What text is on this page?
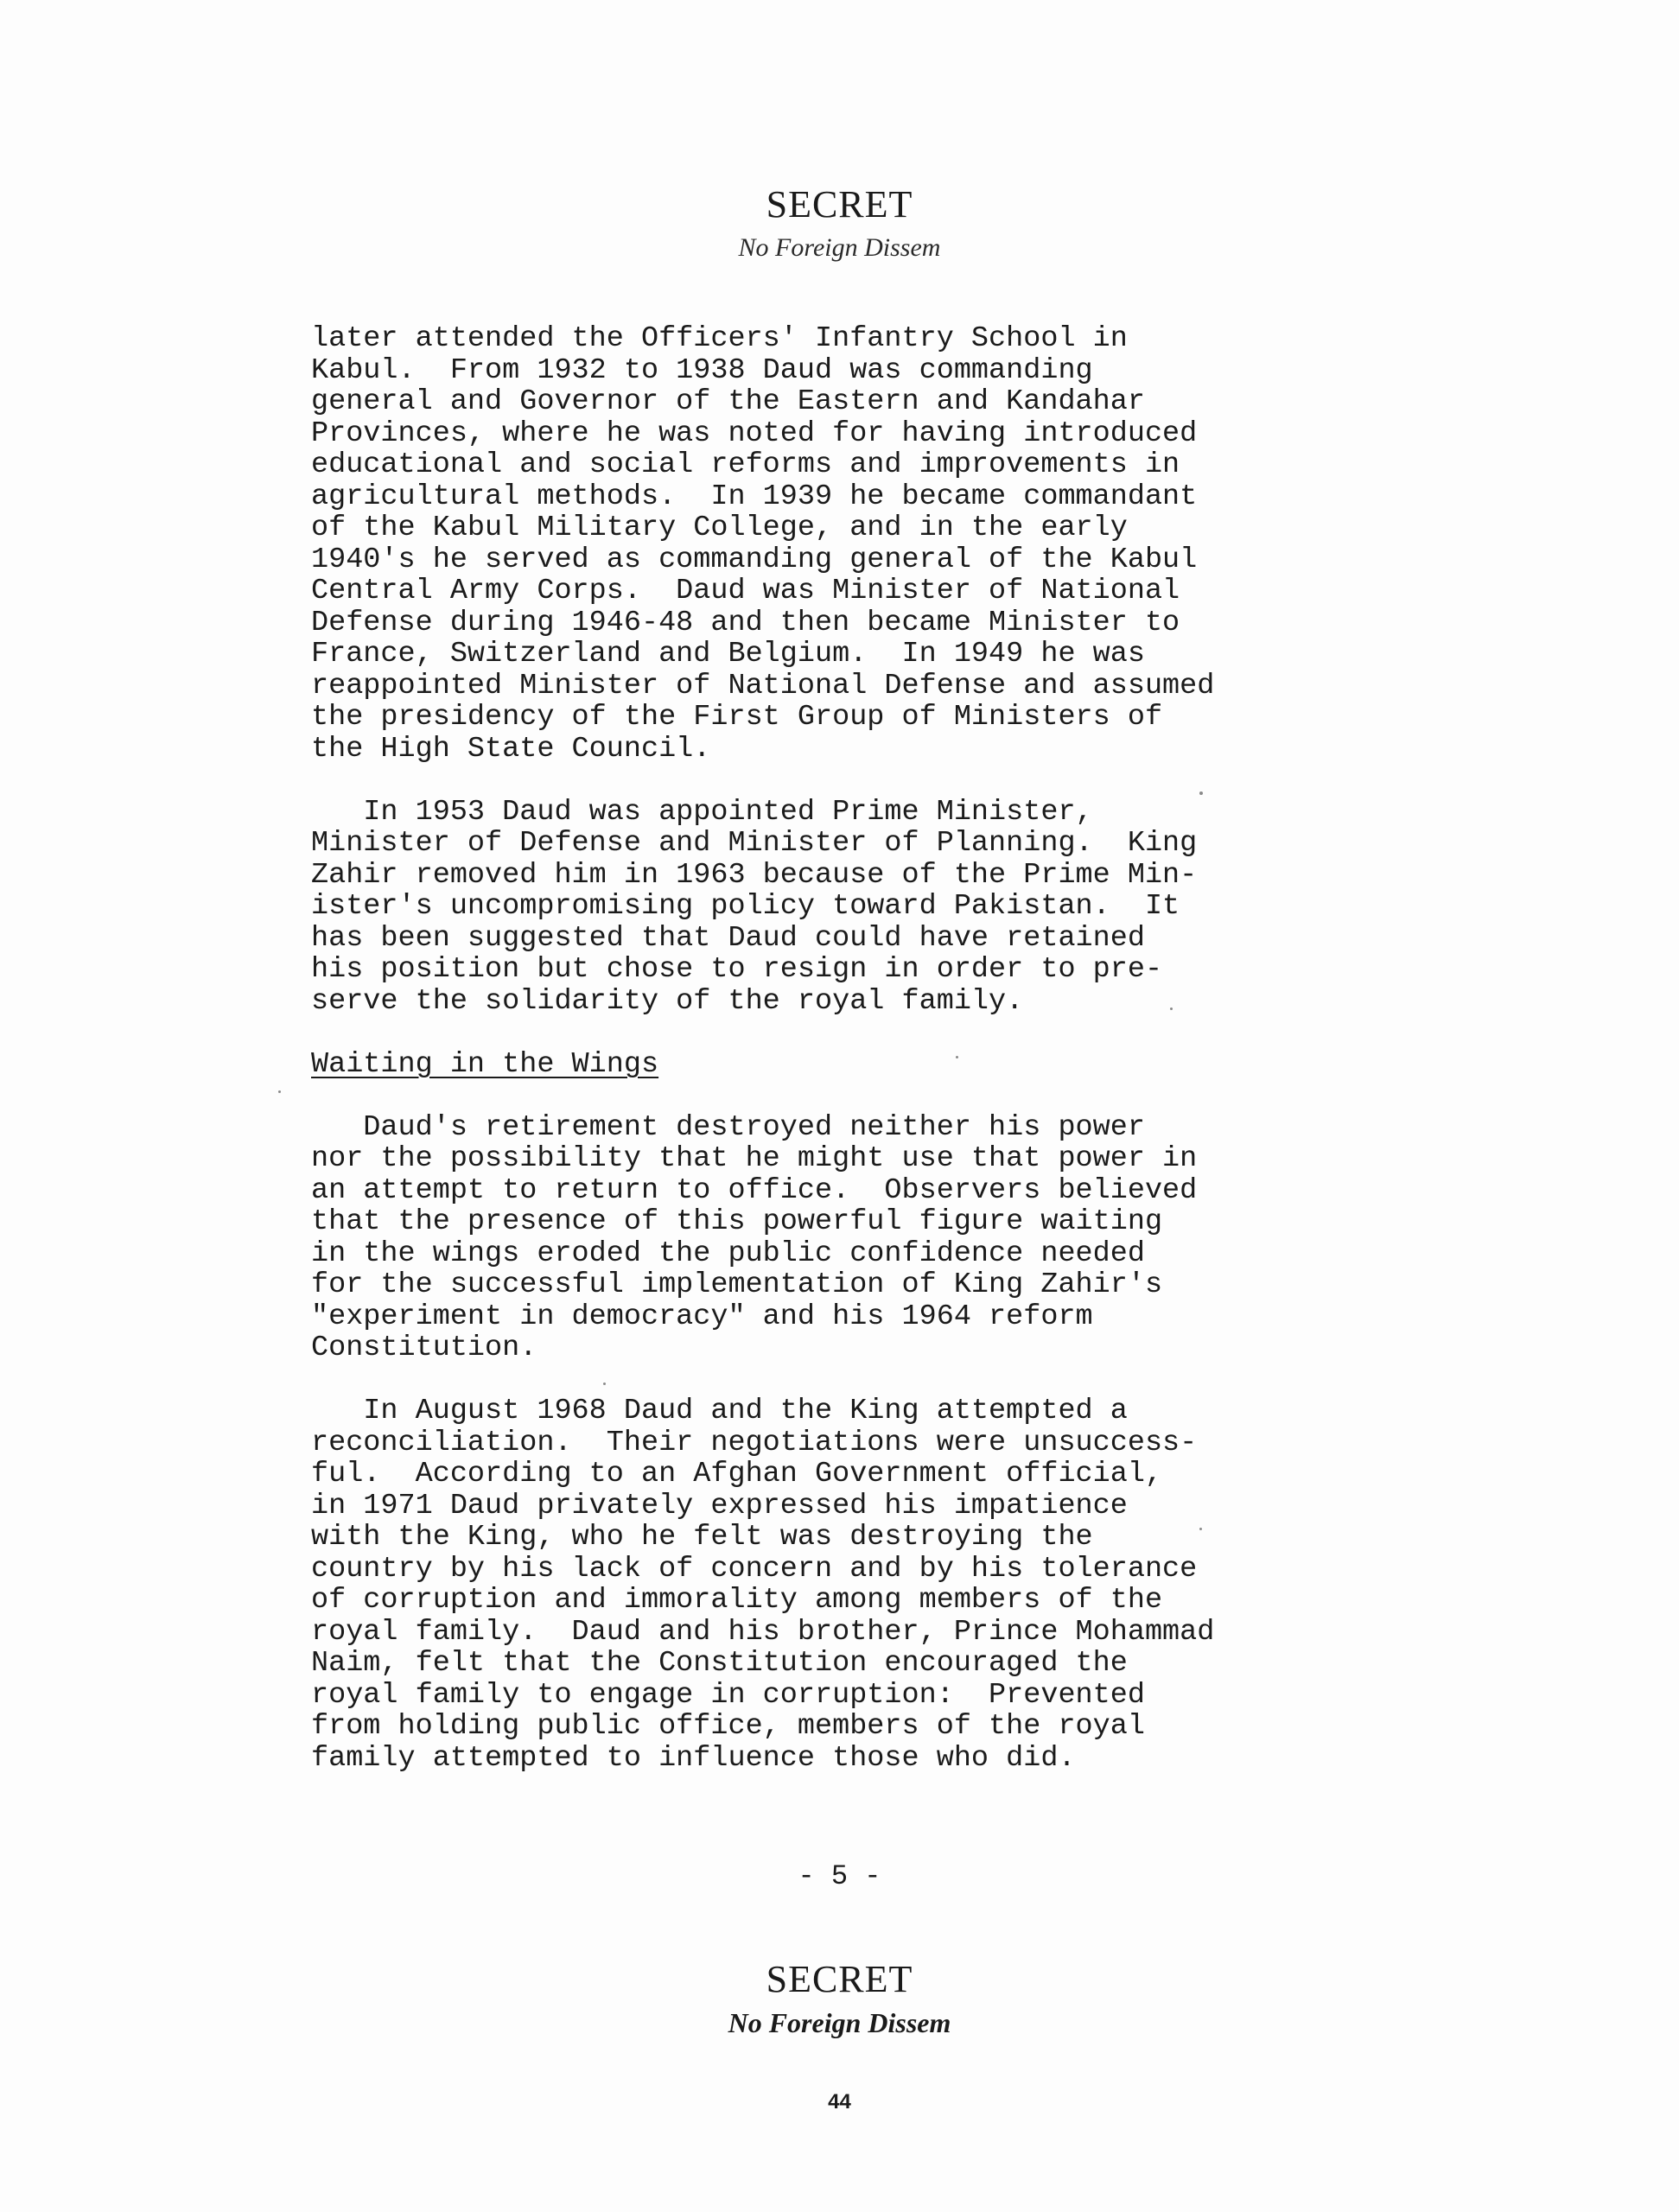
SECRET
No Foreign Dissem
later attended the Officers' Infantry School in
Kabul.  From 1932 to 1938 Daud was commanding
general and Governor of the Eastern and Kandahar
Provinces, where he was noted for having introduced
educational and social reforms and improvements in
agricultural methods.  In 1939 he became commandant
of the Kabul Military College, and in the early
1940's he served as commanding general of the Kabul
Central Army Corps.  Daud was Minister of National
Defense during 1946-48 and then became Minister to
France, Switzerland and Belgium.  In 1949 he was
reappointed Minister of National Defense and assumed
the presidency of the First Group of Ministers of
the High State Council.
In 1953 Daud was appointed Prime Minister,
Minister of Defense and Minister of Planning.  King
Zahir removed him in 1963 because of the Prime Min-
ister's uncompromising policy toward Pakistan.  It
has been suggested that Daud could have retained
his position but chose to resign in order to pre-
serve the solidarity of the royal family.
Waiting in the Wings
Daud's retirement destroyed neither his power
nor the possibility that he might use that power in
an attempt to return to office.  Observers believed
that the presence of this powerful figure waiting
in the wings eroded the public confidence needed
for the successful implementation of King Zahir's
"experiment in democracy" and his 1964 reform
Constitution.
In August 1968 Daud and the King attempted a
reconciliation.  Their negotiations were unsuccess-
ful.  According to an Afghan Government official,
in 1971 Daud privately expressed his impatience
with the King, who he felt was destroying the
country by his lack of concern and by his tolerance
of corruption and immorality among members of the
royal family.  Daud and his brother, Prince Mohammad
Naim, felt that the Constitution encouraged the
royal family to engage in corruption:  Prevented
from holding public office, members of the royal
family attempted to influence those who did.
- 5 -
SECRET
No Foreign Dissem
44
